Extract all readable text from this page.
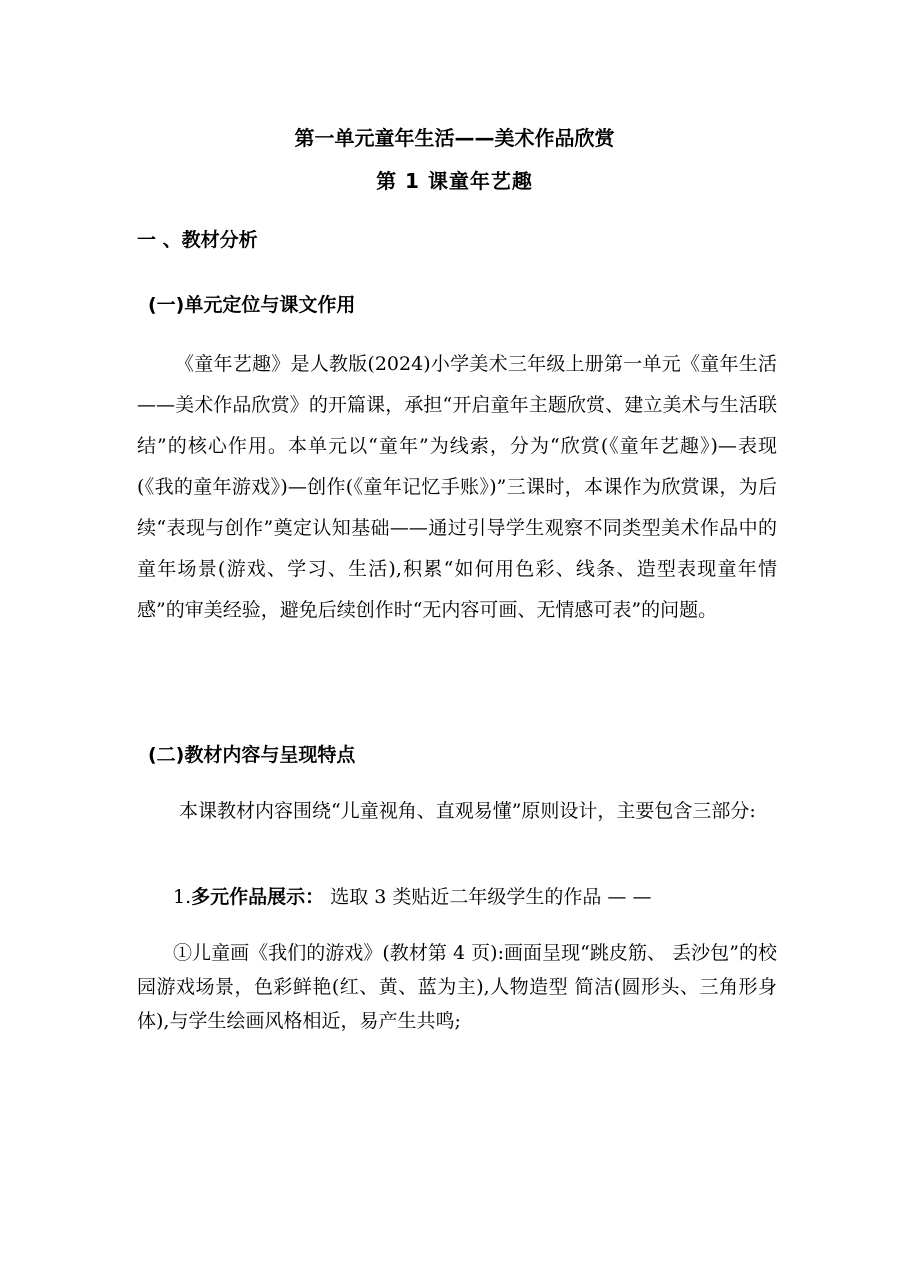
第一单元童年生活——美术作品欣赏
第 1 课童年艺趣
一 、教材分析
(一)单元定位与课文作用

《童年艺趣》是人教版(2024)小学美术三年级上册第一单元《童年生活——美术作品欣赏》的开篇课，承担“开启童年主题欣赏、建立美术与生活联结”的核心作用。本单元以“童年”为线索，分为“欣赏(《童年艺趣》)—表现(《我的童年游戏》)—创作(《童年记忆手账》)”三课时，本课作为欣赏课，为后续“表现与创作”奠定认知基础——通过引导学生观察不同类型美术作品中的童年场景(游戏、学习、生活),积累“如何用色彩、线条、造型表现童年情感”的审美经验，避免后续创作时“无内容可画、无情感可表”的问题。

(二)教材内容与呈现特点

本课教材内容围绕“儿童视角、直观易懂”原则设计，主要包含三部分:

1.多元作品展示： 选取 3 类贴近二年级学生的作品 — —

①儿童画《我们的游戏》(教材第 4 页):画面呈现“跳皮筋、 丢沙包”的校园游戏场景，色彩鲜艳(红、黄、蓝为主),人物造型 简洁(圆形头、三角形身体),与学生绘画风格相近，易产生共鸣;
